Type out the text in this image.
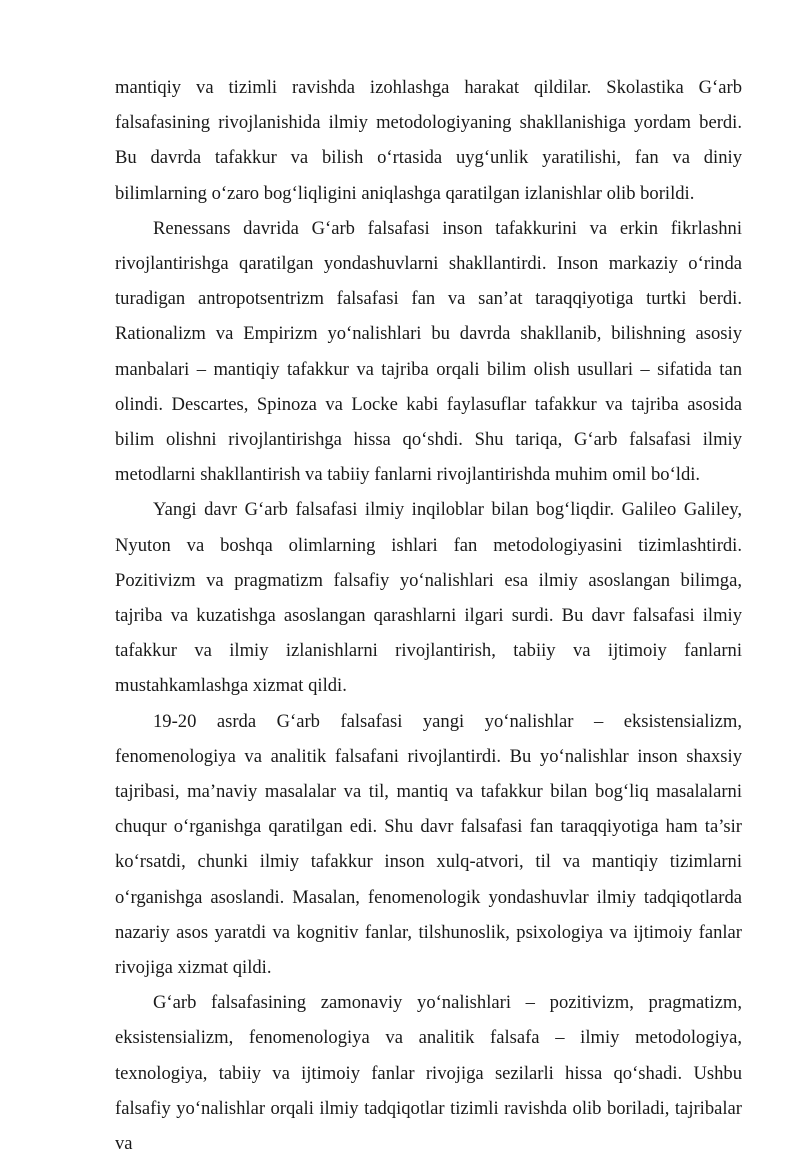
mantiqiy va tizimli ravishda izohlashga harakat qildilar. Skolastika G‘arb falsafasining rivojlanishida ilmiy metodologiyaning shakllanishiga yordam berdi. Bu davrda tafakkur va bilish o‘rtasida uyg‘unlik yaratilishi, fan va diniy bilimlarning o‘zaro bog‘liqligini aniqlashga qaratilgan izlanishlar olib borildi.

Renessans davrida G‘arb falsafasi inson tafakkurini va erkin fikrlashni rivojlantirishga qaratilgan yondashuvlarni shakllantirdi. Inson markaziy o‘rinda turadigan antropotsentrizm falsafasi fan va san’at taraqqiyotiga turtki berdi. Rationalizm va Empirizm yo‘nalishlari bu davrda shakllanib, bilishning asosiy manbalari – mantiqiy tafakkur va tajriba orqali bilim olish usullari – sifatida tan olindi. Descartes, Spinoza va Locke kabi faylasuflar tafakkur va tajriba asosida bilim olishni rivojlantirishga hissa qo‘shdi. Shu tariqa, G‘arb falsafasi ilmiy metodlarni shakllantirish va tabiiy fanlarni rivojlantirishda muhim omil bo‘ldi.

Yangi davr G‘arb falsafasi ilmiy inqiloblar bilan bog‘liqdir. Galileo Galiley, Nyuton va boshqa olimlarning ishlari fan metodologiyasini tizimlashtirdi. Pozitivizm va pragmatizm falsafiy yo‘nalishlari esa ilmiy asoslangan bilimga, tajriba va kuzatishga asoslangan qarashlarni ilgari surdi. Bu davr falsafasi ilmiy tafakkur va ilmiy izlanishlarni rivojlantirish, tabiiy va ijtimoiy fanlarni mustahkamlashga xizmat qildi.

19-20 asrda G‘arb falsafasi yangi yo‘nalishlar – eksistensializm, fenomenologiya va analitik falsafani rivojlantirdi. Bu yo‘nalishlar inson shaxsiy tajribasi, ma’naviy masalalar va til, mantiq va tafakkur bilan bog‘liq masalalarni chuqur o‘rganishga qaratilgan edi. Shu davr falsafasi fan taraqqiyotiga ham ta’sir ko‘rsatdi, chunki ilmiy tafakkur inson xulq-atvori, til va mantiqiy tizimlarni o‘rganishga asoslandi. Masalan, fenomenologik yondashuvlar ilmiy tadqiqotlarda nazariy asos yaratdi va kognitiv fanlar, tilshunoslik, psixologiya va ijtimoiy fanlar rivojiga xizmat qildi.

G‘arb falsafasining zamonaviy yo‘nalishlari – pozitivizm, pragmatizm, eksistensializm, fenomenologiya va analitik falsafa – ilmiy metodologiya, texnologiya, tabiiy va ijtimoiy fanlar rivojiga sezilarli hissa qo‘shadi. Ushbu falsafiy yo‘nalishlar orqali ilmiy tadqiqotlar tizimli ravishda olib boriladi, tajribalar va
